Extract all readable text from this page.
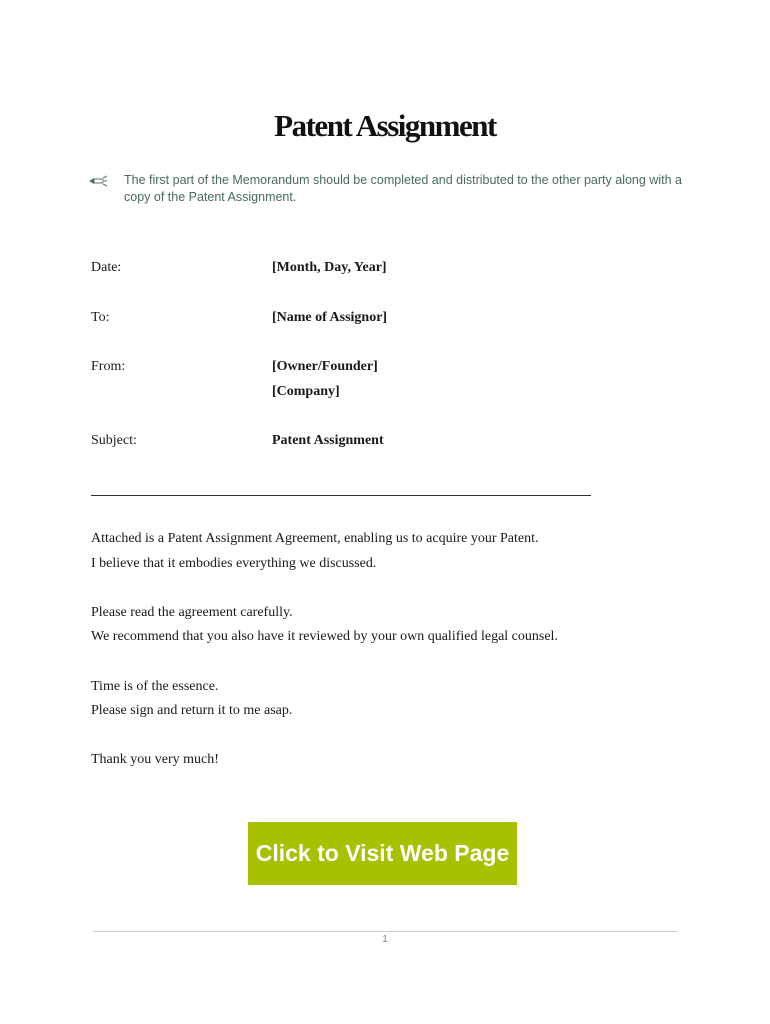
Patent Assignment
The first part of the Memorandum should be completed and distributed to the other party along with a copy of the Patent Assignment.
Date:	[Month, Day, Year]
To:	[Name of Assignor]
From:	[Owner/Founder]
[Company]
Subject:	Patent Assignment
Attached is a Patent Assignment Agreement, enabling us to acquire your Patent.
I believe that it embodies everything we discussed.
Please read the agreement carefully.
We recommend that you also have it reviewed by your own qualified legal counsel.
Time is of the essence.
Please sign and return it to me asap.
Thank you very much!
Click to Visit Web Page
1
